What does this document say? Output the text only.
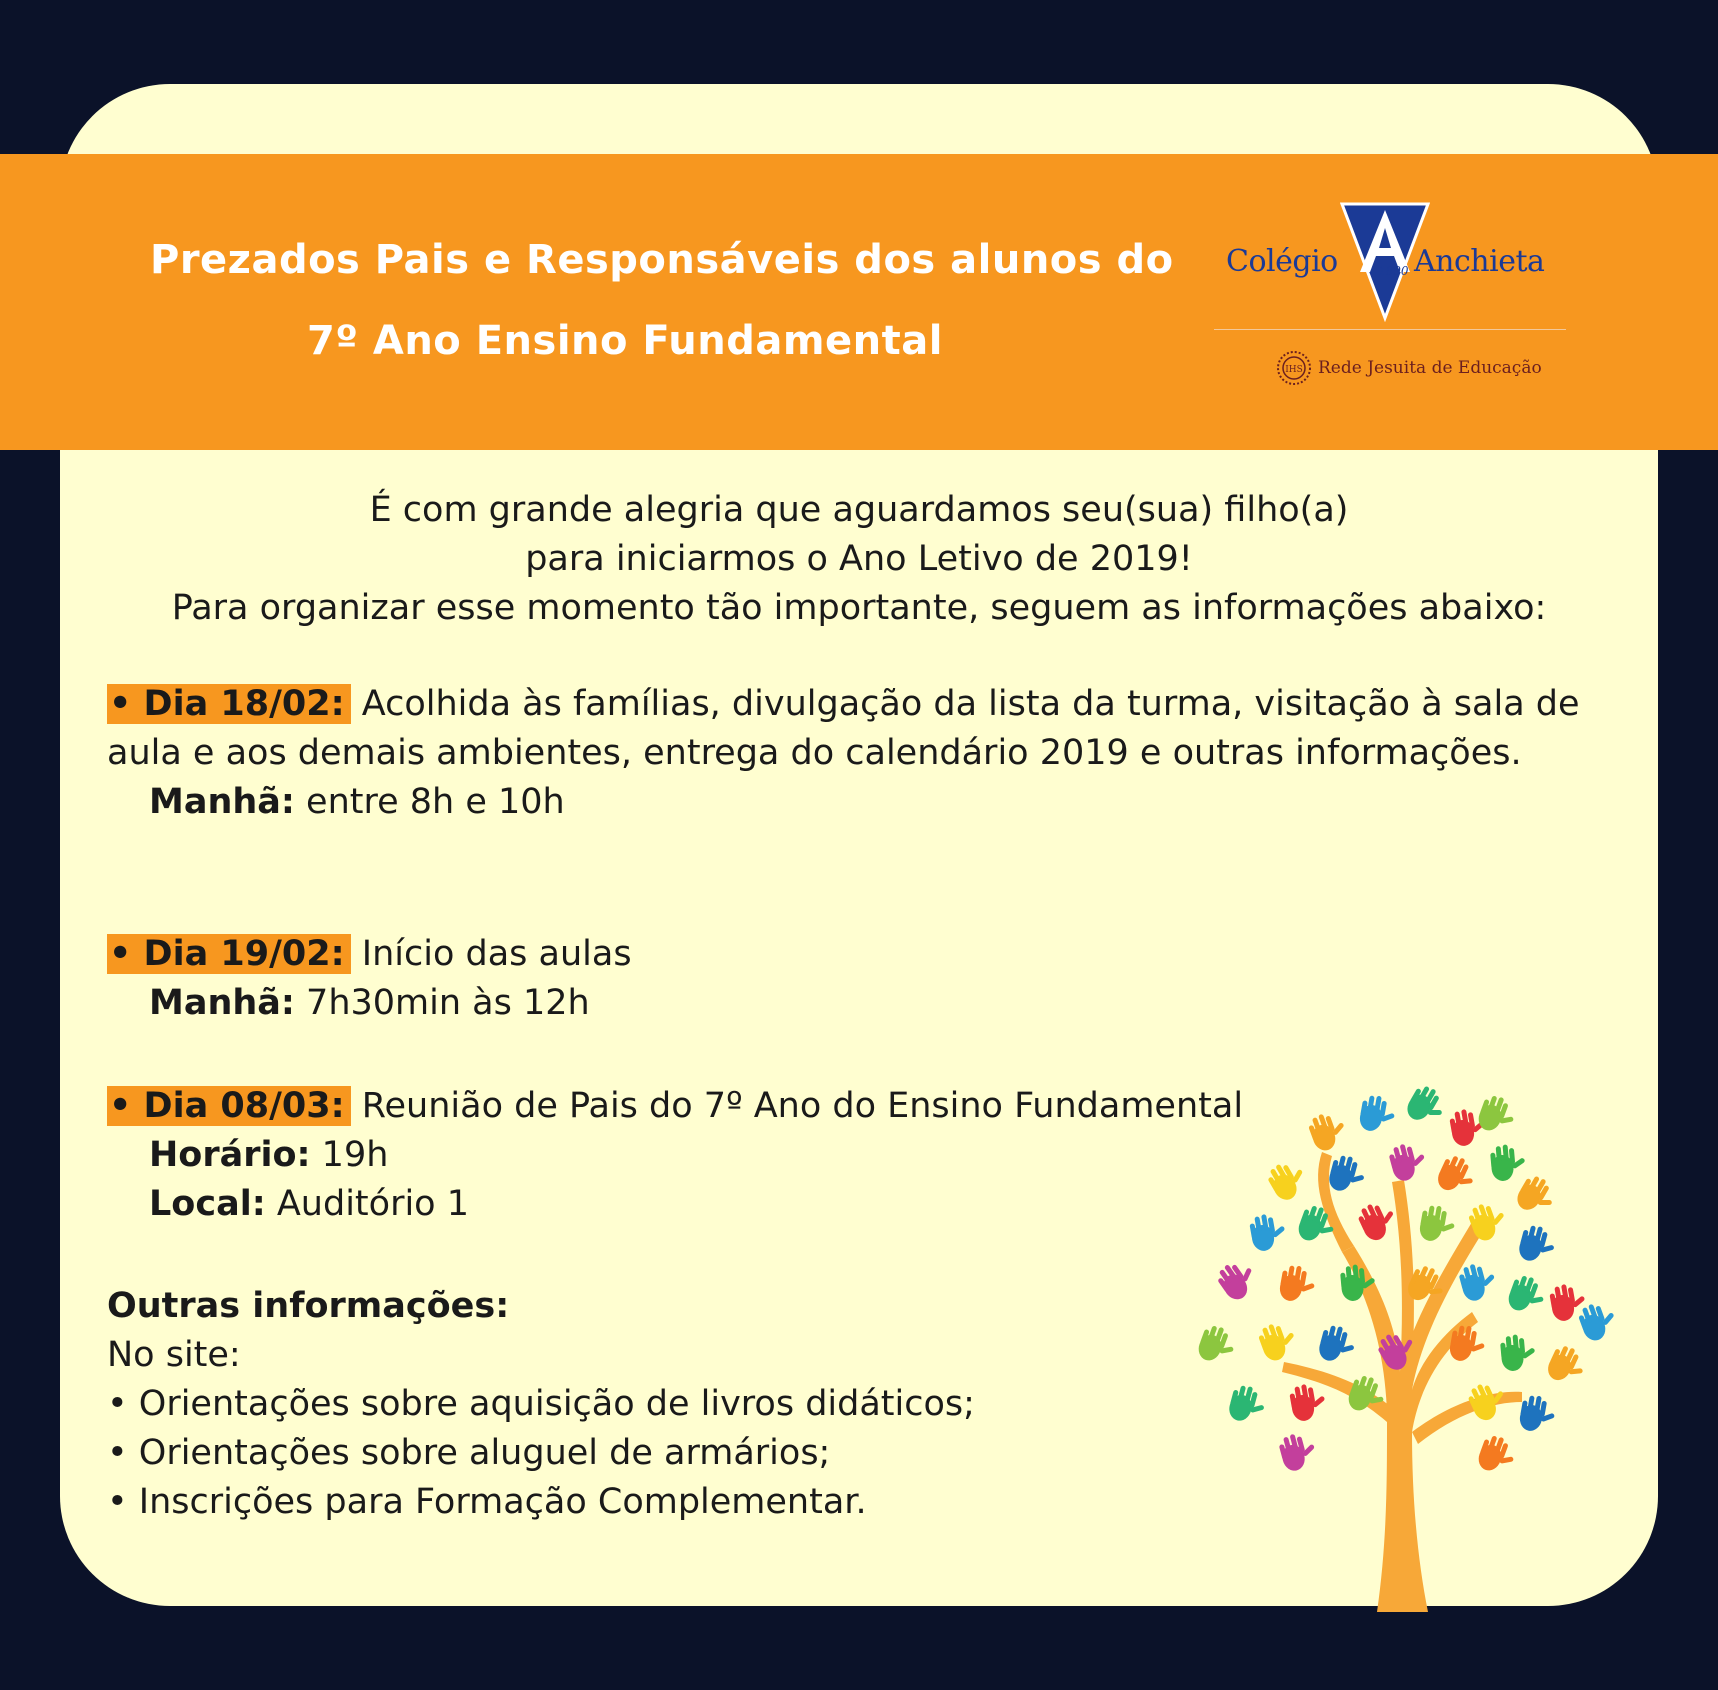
Prezados Pais e Responsáveis dos alunos do
7º Ano Ensino Fundamental
Colégio	1890 Anchieta
IHS Rede Jesuita de Educação
É com grande alegria que aguardamos seu(sua) filho(a)
para iniciarmos o Ano Letivo de 2019!
Para organizar esse momento tão importante, seguem as informações abaixo:
• Dia 18/02: Acolhida às famílias, divulgação da lista da turma, visitação à sala de aula e aos demais ambientes, entrega do calendário 2019 e outras informações.
Manhã: entre 8h e 10h
• Dia 19/02: Início das aulas
Manhã: 7h30min às 12h
• Dia 08/03: Reunião de Pais do 7º Ano do Ensino Fundamental
Horário: 19h
Local: Auditório 1
Outras informações:
No site:
• Orientações sobre aquisição de livros didáticos;
• Orientações sobre aluguel de armários;
• Inscrições para Formação Complementar.
